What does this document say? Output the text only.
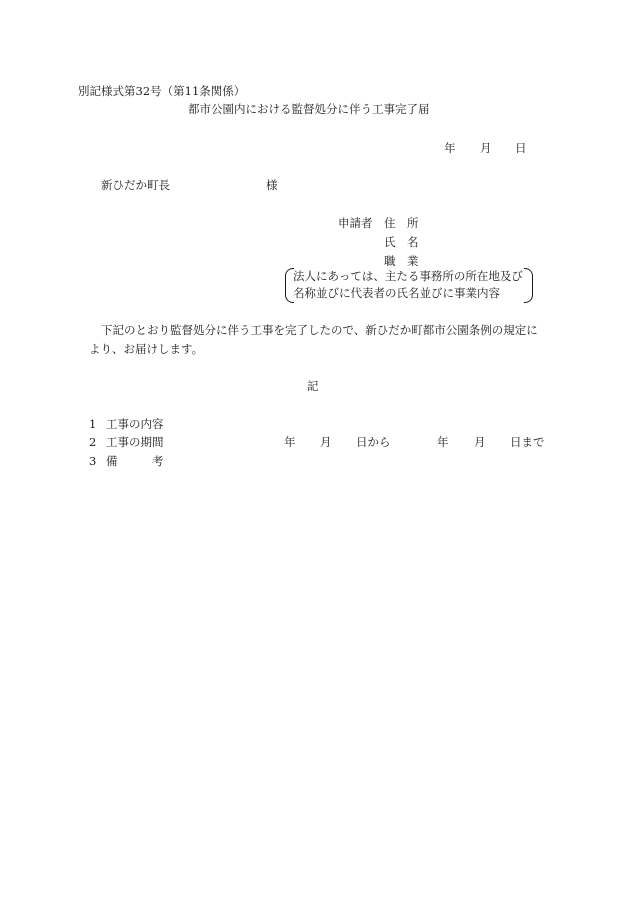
別記様式第32号（第11条関係）
都市公園内における監督処分に伴う工事完了届
年 月 日
新ひだか町長	様
申請者 住　所
氏　名
職　業
法人にあっては、主たる事務所の所在地及び
名称並びに代表者の氏名並びに事業内容
下記のとおり監督処分に伴う工事を完了したので、新ひだか町都市公園条例の規定に
より、お届けします。
記
1 工事の内容
2 工事の期間	年 月 日から	年 月 日まで
3 備　　　考
